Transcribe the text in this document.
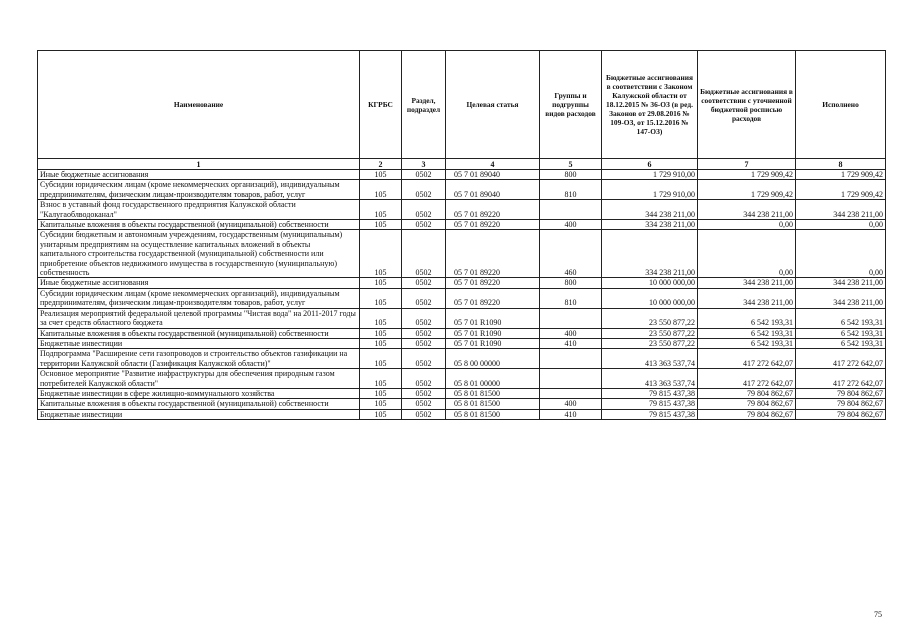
Наименование	КГРБС	Раздел, подраздел	Целевая статья	Группы и подгруппы видов расходов	Бюджетные ассигнования в соответствии с Законом Калужской области от 18.12.2015 № 36-ОЗ (в ред. Законов от 29.08.2016 № 109-ОЗ, от 15.12.2016 № 147-ОЗ)	Бюджетные ассигнования в соответствии с уточненной бюджетной росписью расходов	Исполнено
1	2	3	4	5	6	7	8
Иные бюджетные ассигнования	105	0502	05 7 01 89040	800	1 729 910,00	1 729 909,42	1 729 909,42
Субсидии юридическим лицам (кроме некоммерческих организаций), индивидуальным предпринимателям, физическим лицам-производителям товаров, работ, услуг	105	0502	05 7 01 89040	810	1 729 910,00	1 729 909,42	1 729 909,42
Взнос в уставный фонд государственного предприятия Калужской области "Калугаоблводоканал"	105	0502	05 7 01 89220		344 238 211,00	344 238 211,00	344 238 211,00
Капитальные вложения в объекты государственной (муниципальной) собственности	105	0502	05 7 01 89220	400	334 238 211,00	0,00	0,00
Субсидии бюджетным и автономным учреждениям, государственным (муниципальным) унитарным предприятиям на осуществление капитальных вложений в объекты капитального строительства государственной (муниципальной) собственности или приобретение объектов недвижимого имущества в государственную (муниципальную) собственность	105	0502	05 7 01 89220	460	334 238 211,00	0,00	0,00
Иные бюджетные ассигнования	105	0502	05 7 01 89220	800	10 000 000,00	344 238 211,00	344 238 211,00
Субсидии юридическим лицам (кроме некоммерческих организаций), индивидуальным предпринимателям, физическим лицам-производителям товаров, работ, услуг	105	0502	05 7 01 89220	810	10 000 000,00	344 238 211,00	344 238 211,00
Реализация мероприятий федеральной целевой программы "Чистая вода" на 2011-2017 годы за счет средств областного бюджета	105	0502	05 7 01 R1090		23 550 877,22	6 542 193,31	6 542 193,31
Капитальные вложения в объекты государственной (муниципальной) собственности	105	0502	05 7 01 R1090	400	23 550 877,22	6 542 193,31	6 542 193,31
Бюджетные инвестиции	105	0502	05 7 01 R1090	410	23 550 877,22	6 542 193,31	6 542 193,31
Подпрограмма "Расширение сети газопроводов и строительство объектов газификации на территории Калужской области (Газификация Калужской области)"	105	0502	05 8 00 00000		413 363 537,74	417 272 642,07	417 272 642,07
Основное мероприятие "Развитие инфраструктуры для обеспечения природным газом потребителей Калужской области"	105	0502	05 8 01 00000		413 363 537,74	417 272 642,07	417 272 642,07
Бюджетные инвестиции в сфере жилищно-коммунального хозяйства	105	0502	05 8 01 81500		79 815 437,38	79 804 862,67	79 804 862,67
Капитальные вложения в объекты государственной (муниципальной) собственности	105	0502	05 8 01 81500	400	79 815 437,38	79 804 862,67	79 804 862,67
Бюджетные инвестиции	105	0502	05 8 01 81500	410	79 815 437,38	79 804 862,67	79 804 862,67
75
